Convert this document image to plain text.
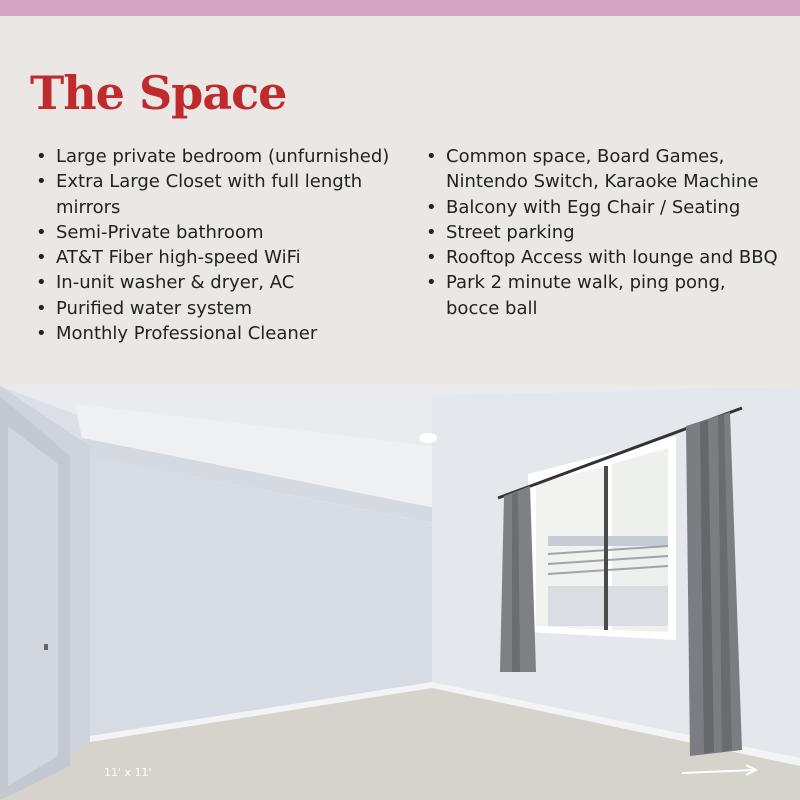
The Space
• Large private bedroom (unfurnished)
• Extra Large Closet with full length mirrors
• Semi-Private bathroom
• AT&T Fiber high-speed WiFi
• In-unit washer & dryer, AC
• Purified water system
• Monthly Professional Cleaner
• Common space, Board Games, Nintendo Switch, Karaoke Machine
• Balcony with Egg Chair / Seating
• Street parking
• Rooftop Access with lounge and BBQ
• Park 2 minute walk, ping pong, bocce ball
11' x 11'
